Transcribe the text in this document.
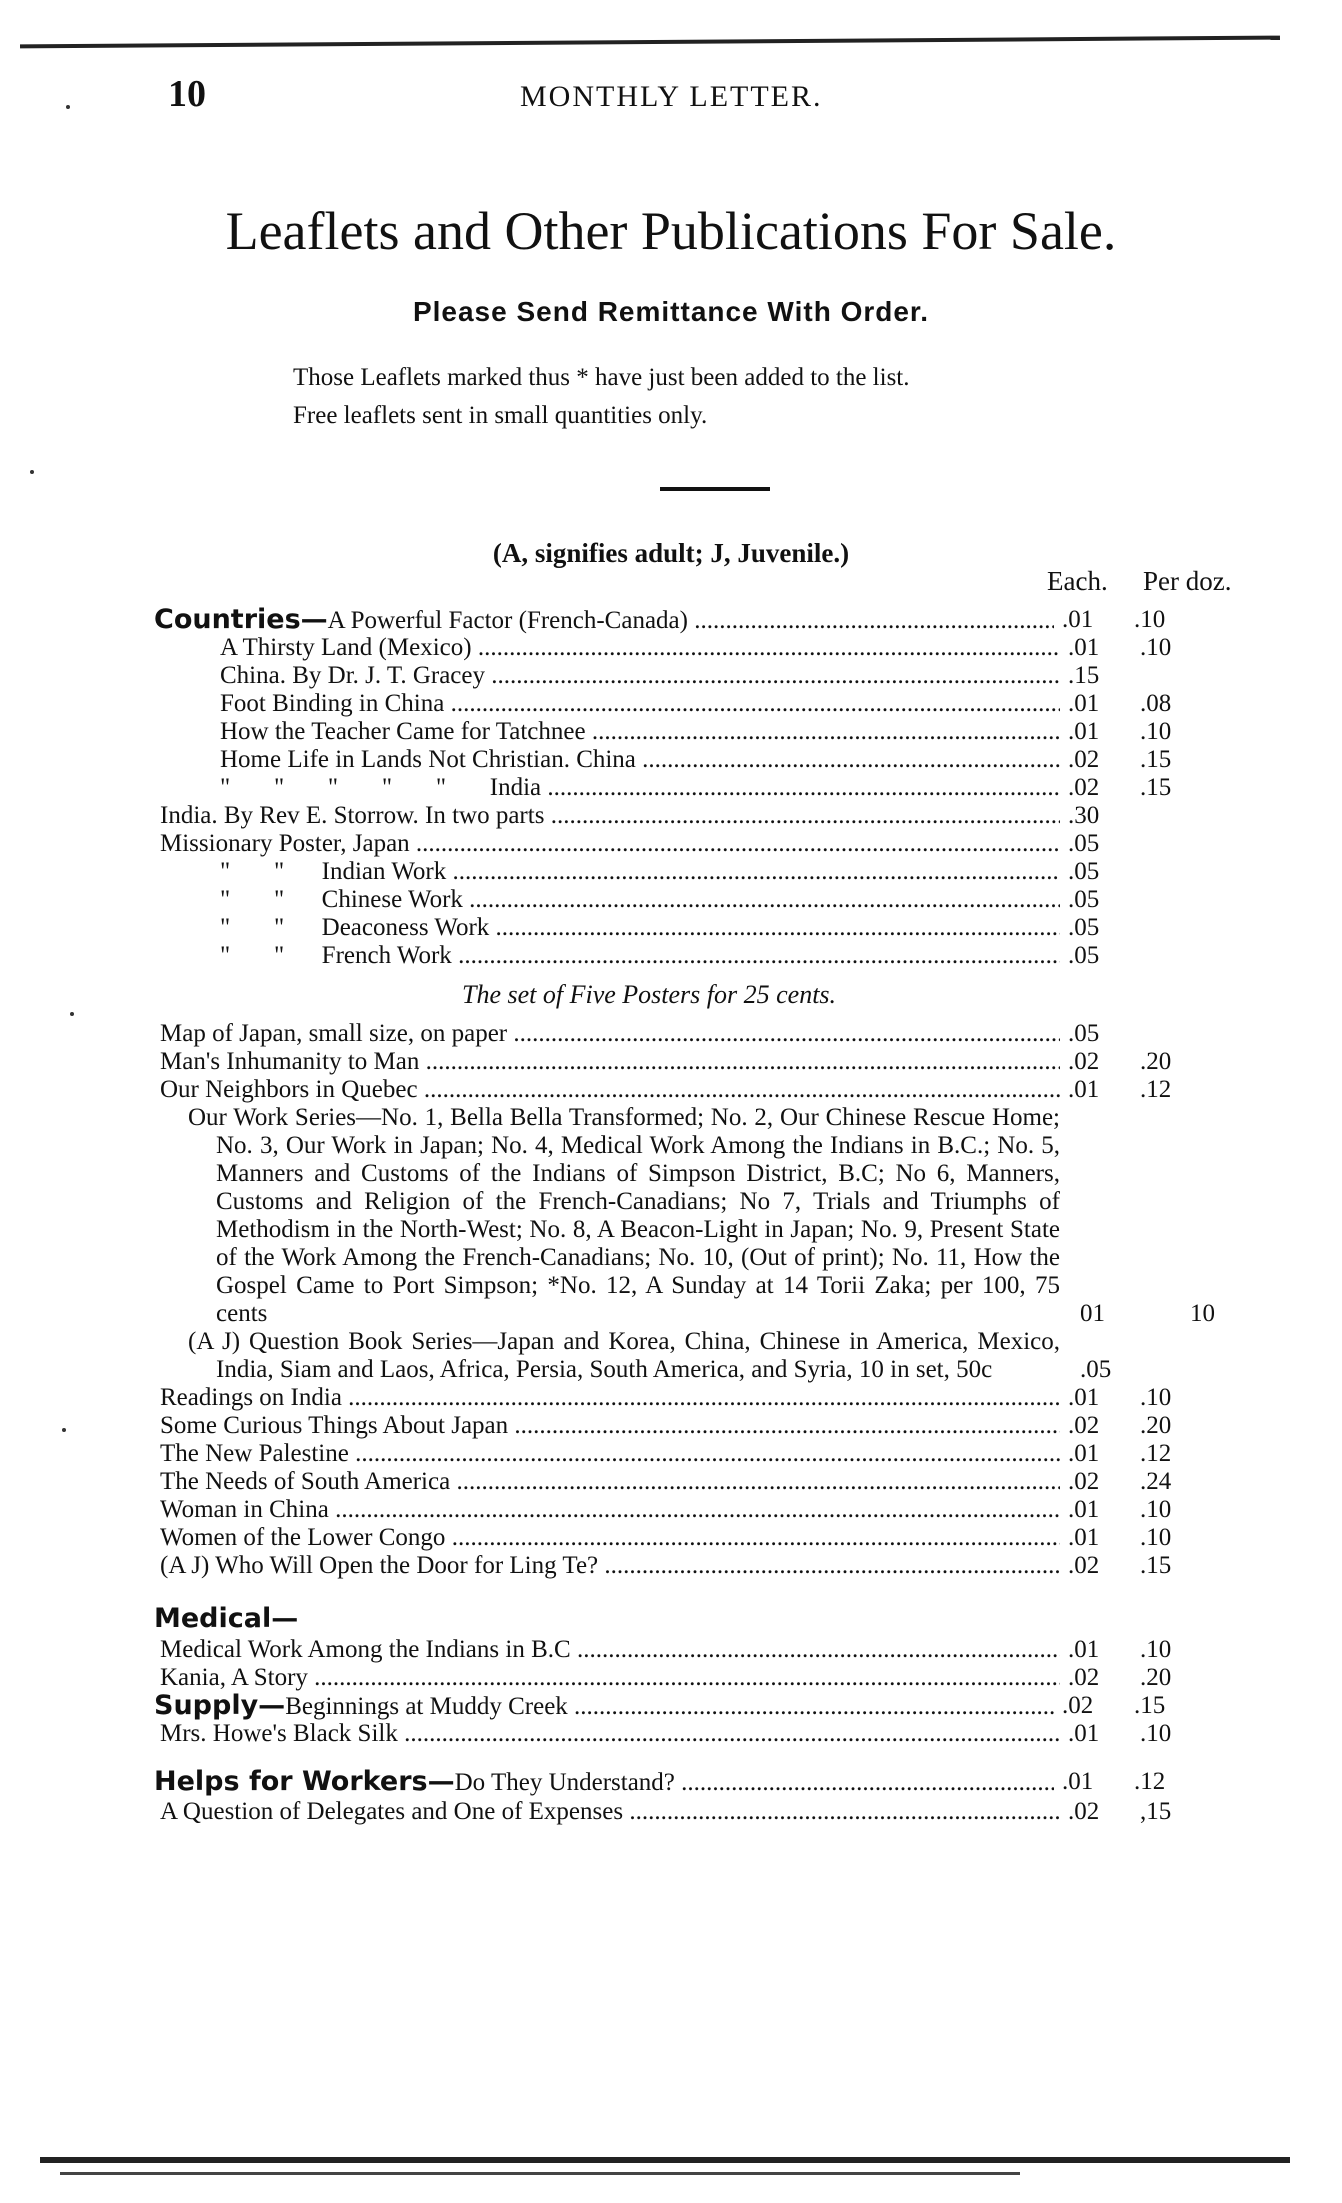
10	MONTHLY LETTER.
Leaflets and Other Publications For Sale.
Please Send Remittance With Order.
Those Leaflets marked thus * have just been added to the list.
Free leaflets sent in small quantities only.
(A, signifies adult; J, Juvenile.)
Each. Per doz.
Countries—A Powerful Factor (French-Canada) .....	.01	.10
A Thirsty Land (Mexico) .....	.01	.10
China. By Dr. J. T. Gracey .....	.15
Foot Binding in China .....	.01	.08
How the Teacher Came for Tatchnee .....	.01	.10
Home Life in Lands Not Christian. China .....	.02	.15
"       "       "       "       "       India .....	.02	.15
India. By Rev E. Storrow. In two parts .....	.30
Missionary Poster, Japan .....	.05
"       "      Indian Work .....	.05
"       "      Chinese Work .....	.05
"       "      Deaconess Work .....	.05
"       "      French Work .....	.05
The set of Five Posters for 25 cents.
Map of Japan, small size, on paper .....	.05
Man's Inhumanity to Man .....	.02	.20
Our Neighbors in Quebec .....	.01	.12
Our Work Series—No. 1, Bella Bella Transformed; No. 2, Our Chinese Rescue Home; No. 3, Our Work in Japan; No. 4, Medical Work Among the Indians in B.C.; No. 5, Manners and Customs of the Indians of Simpson District, B.C; No 6, Manners, Customs and Religion of the French-Canadians; No 7, Trials and Triumphs of Methodism in the North-West; No. 8, A Beacon-Light in Japan; No. 9, Present State of the Work Among the French-Canadians; No. 10, (Out of print); No. 11, How the Gospel Came to Port Simpson; *No. 12, A Sunday at 14 Torii Zaka; per 100, 75 cents	01	10
(A J) Question Book Series—Japan and Korea, China, Chinese in America, Mexico, India, Siam and Laos, Africa, Persia, South America, and Syria, 10 in set, 50c	.05
Readings on India .....	.01	.10
Some Curious Things About Japan .....	.02	.20
The New Palestine .....	.01	.12
The Needs of South America .....	.02	.24
Woman in China .....	.01	.10
Women of the Lower Congo .....	.01	.10
(A J) Who Will Open the Door for Ling Te? .....	.02	.15
Medical—
Medical Work Among the Indians in B.C .....	.01	.10
Kania, A Story .....	.02	.20
Supply—Beginnings at Muddy Creek .....	.02	.15
Mrs. Howe's Black Silk .....	.01	.10
Helps for Workers—Do They Understand? .....	.01	.12
A Question of Delegates and One of Expenses .....	.02	,15
